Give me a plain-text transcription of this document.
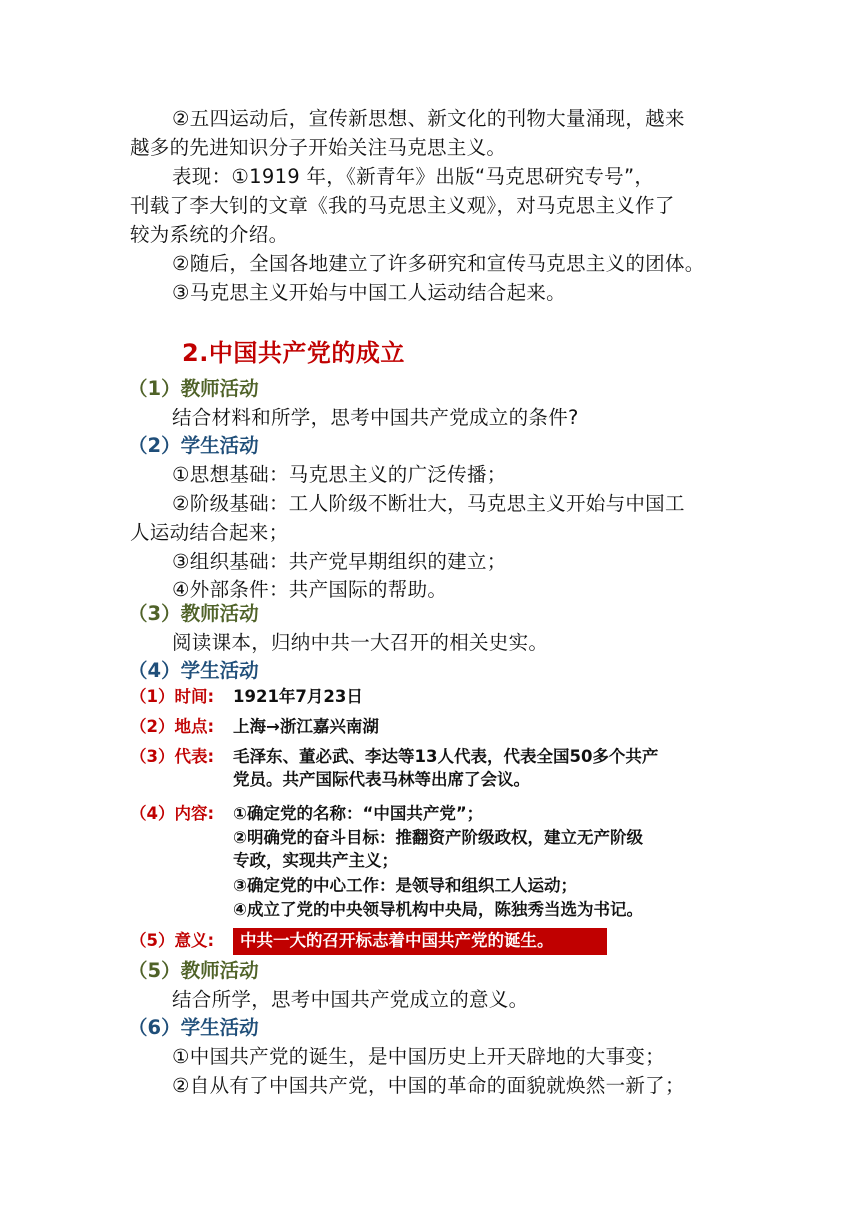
②五四运动后，宣传新思想、新文化的刊物大量涌现，越来
越多的先进知识分子开始关注马克思主义。
表现：①1919 年，《新青年》出版“马克思研究专号”，
刊载了李大钊的文章《我的马克思主义观》，对马克思主义作了
较为系统的介绍。
②随后，全国各地建立了许多研究和宣传马克思主义的团体。
③马克思主义开始与中国工人运动结合起来。
2.中国共产党的成立
（1）教师活动
结合材料和所学，思考中国共产党成立的条件?
（2）学生活动
①思想基础：马克思主义的广泛传播；
②阶级基础：工人阶级不断壮大，马克思主义开始与中国工
人运动结合起来；
③组织基础：共产党早期组织的建立；
④外部条件：共产国际的帮助。
（3）教师活动
阅读课本，归纳中共一大召开的相关史实。
（4）学生活动
（1）时间: 1921年7月23日
（2）地点: 上海→浙江嘉兴南湖
（3）代表: 毛泽东、董必武、李达等13人代表，代表全国50多个共产
党员。共产国际代表马林等出席了会议。
（4）内容: ①确定党的名称：“中国共产党”；
②明确党的奋斗目标：推翻资产阶级政权，建立无产阶级
专政，实现共产主义；
③确定党的中心工作：是领导和组织工人运动；
④成立了党的中央领导机构中央局，陈独秀当选为书记。
（5）意义: 中共一大的召开标志着中国共产党的诞生。
（5）教师活动
结合所学，思考中国共产党成立的意义。
（6）学生活动
①中国共产党的诞生，是中国历史上开天辟地的大事变；
②自从有了中国共产党，中国的革命的面貌就焕然一新了；
